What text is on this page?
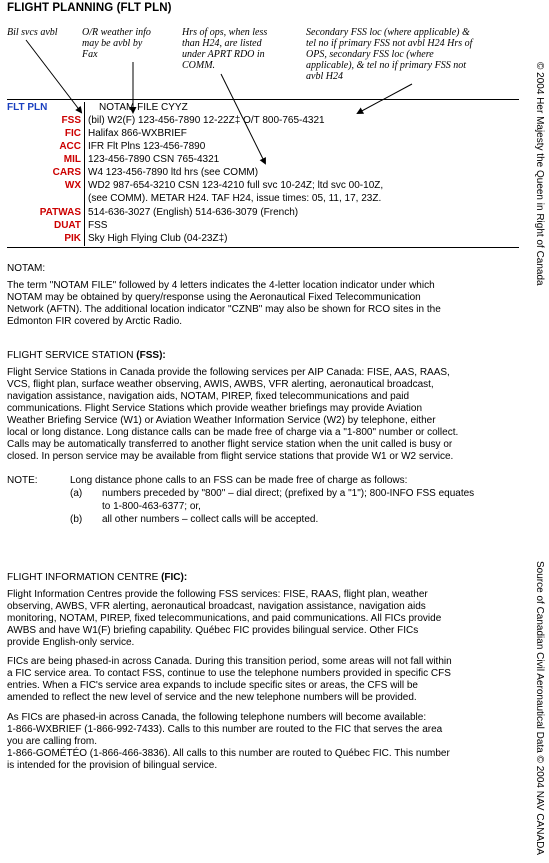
FLIGHT PLANNING (FLT PLN)
Bil svcs avbl O/R weather info
may be avbl by
Fax
Hrs of ops, when less
than H24, are listed
under APRT RDO in
COMM.
Secondary FSS loc (where applicable) &
tel no if primary FSS not avbl H24 Hrs of
OPS, secondary FSS loc (where
applicable), & tel no if primary FSS not
avbl H24
FLT PLN	NOTAM FILE CYYZ
FSS (bil) W2(F) 123-456-7890 12-22Z‡ O/T 800-765-4321
FIC Halifax 866-WXBRIEF
ACC IFR Flt Plns 123-456-7890
MIL 123-456-7890 CSN 765-4321
CARS W4 123-456-7890 ltd hrs (see COMM)
WX WD2 987-654-3210 CSN 123-4210 full svc 10-24Z; ltd svc 00-10Z,
(see COMM). METAR H24. TAF H24, issue times: 05, 11, 17, 23Z.
PATWAS 514-636-3027 (English) 514-636-3079 (French)
DUAT FSS
PIK Sky High Flying Club (04-23Z‡)
NOTAM:
The term "NOTAM FILE" followed by 4 letters indicates the 4-letter location indicator under which
NOTAM may be obtained by query/response using the Aeronautical Fixed Telecommunication
Network (AFTN). The additional location indicator "CZNB" may also be shown for RCO sites in the
Edmonton FIR covered by Arctic Radio.
FLIGHT SERVICE STATION (FSS):
Flight Service Stations in Canada provide the following services per AIP Canada: FISE, AAS, RAAS,
VCS, flight plan, surface weather observing, AWIS, AWBS, VFR alerting, aeronautical broadcast,
navigation assistance, navigation aids, NOTAM, PIREP, fixed telecommunications and paid
communications. Flight Service Stations which provide weather briefings may provide Aviation
Weather Briefing Service (W1) or Aviation Weather Information Service (W2) by telephone, either
local or long distance. Long distance calls can be made free of charge via a "1-800" number or collect.
Calls may be automatically transferred to another flight service station when the unit called is busy or
closed. In person service may be available from flight service stations that provide W1 or W2 service.
NOTE:	Long distance phone calls to an FSS can be made free of charge as follows:
(a) numbers preceded by "800" – dial direct; (prefixed by a "1"); 800-INFO FSS equates
to 1-800-463-6377; or,
(b) all other numbers – collect calls will be accepted.
FLIGHT INFORMATION CENTRE (FIC):
Flight Information Centres provide the following FSS services: FISE, RAAS, flight plan, weather
observing, AWBS, VFR alerting, aeronautical broadcast, navigation assistance, navigation aids
monitoring, NOTAM, PIREP, fixed telecommunications, and paid communications. All FICs provide
AWBS and have W1(F) briefing capability. Québec FIC provides bilingual service. Other FICs
provide English-only service.
FICs are being phased-in across Canada. During this transition period, some areas will not fall within
a FIC service area. To contact FSS, continue to use the telephone numbers provided in specific CFS
entries. When a FIC's service area expands to include specific sites or areas, the CFS will be
amended to reflect the new level of service and the new telephone numbers will be provided.
As FICs are phased-in across Canada, the following telephone numbers will become available:
1-866-WXBRIEF (1-866-992-7433). Calls to this number are routed to the FIC that serves the area
you are calling from.
1-866-GOMÉTÉO (1-866-466-3836). All calls to this number are routed to Québec FIC. This number
is intended for the provision of bilingual service.
© 2004 Her Majesty the Queen in Right of Canada
Source of Canadian Civil Aeronautical Data © 2004 NAV CANADA
